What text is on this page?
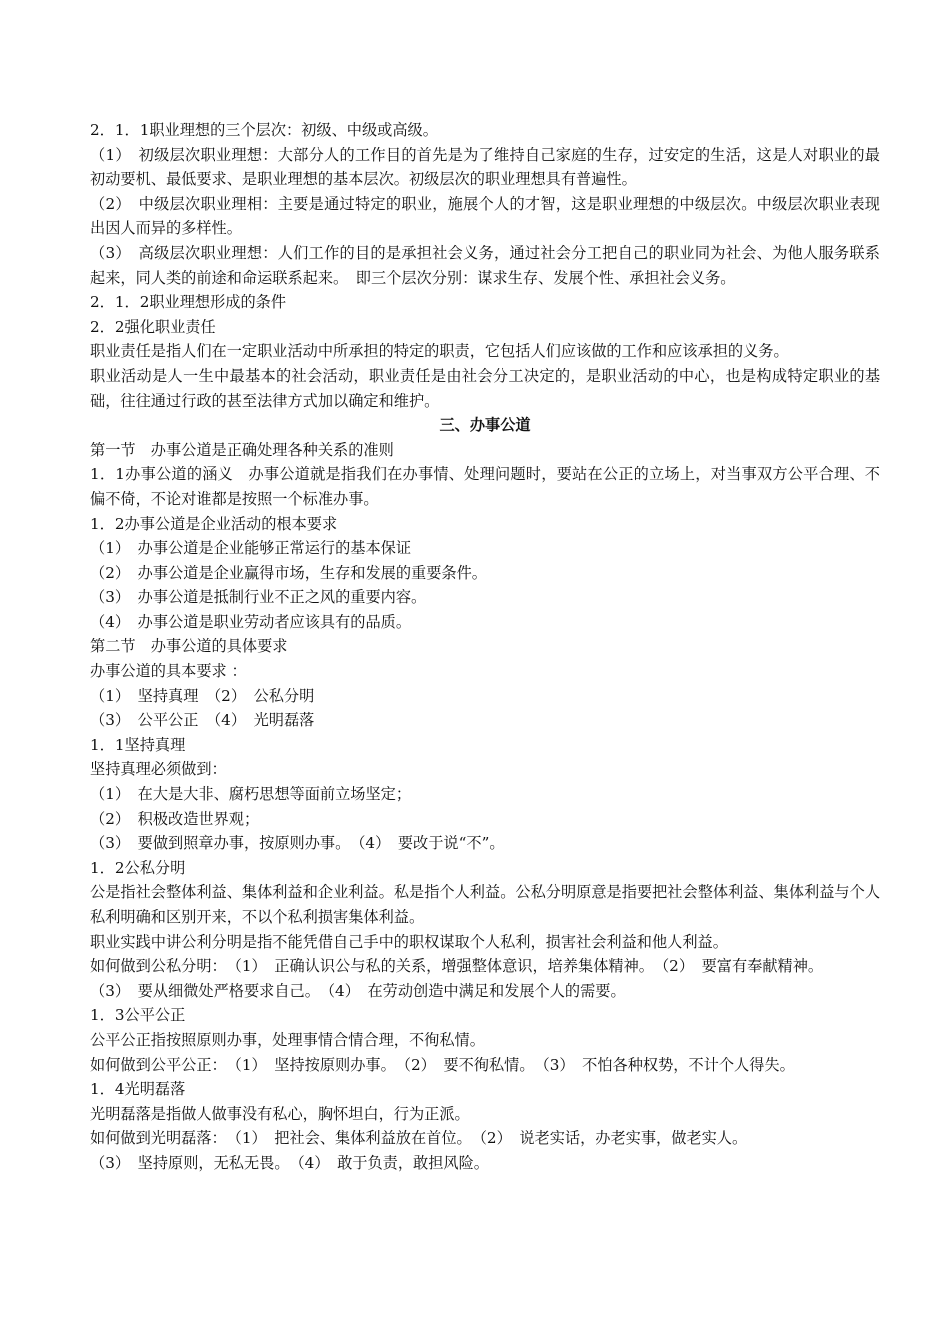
2．1．1职业理想的三个层次：初级、中级或高级。

（1）　初级层次职业理想：大部分人的工作目的首先是为了维持自己家庭的生存，过安定的生活，这是人对职业的最初动要机、最低要求、是职业理想的基本层次。初级层次的职业理想具有普遍性。

（2）　中级层次职业理相：主要是通过特定的职业，施展个人的才智，这是职业理想的中级层次。中级层次职业表现出因人而异的多样性。

（3）　高级层次职业理想：人们工作的目的是承担社会义务，通过社会分工把自己的职业同为社会、为他人服务联系起来，同人类的前途和命运联系起来。　即三个层次分别：谋求生存、发展个性、承担社会义务。

2．1．2职业理想形成的条件

2．2强化职业责任

职业责任是指人们在一定职业活动中所承担的特定的职责，它包括人们应该做的工作和应该承担的义务。

职业活动是人一生中最基本的社会活动，职业责任是由社会分工决定的，是职业活动的中心，也是构成特定职业的基础，往往通过行政的甚至法律方式加以确定和维护。

三、办事公道

第一节　办事公道是正确处理各种关系的准则

1．1办事公道的涵义　办事公道就是指我们在办事情、处理问题时，要站在公正的立场上，对当事双方公平合理、不偏不倚，不论对谁都是按照一个标准办事。

1．2办事公道是企业活动的根本要求

（1）　办事公道是企业能够正常运行的基本保证

（2）　办事公道是企业赢得市场，生存和发展的重要条件。

（3）　办事公道是抵制行业不正之风的重要内容。

（4）　办事公道是职业劳动者应该具有的品质。

第二节　办事公道的具体要求

办事公道的具本要求 ：

（1）　坚持真理　（2）　公私分明

（3）　公平公正　（4）　光明磊落

1．1坚持真理

坚持真理必须做到：

（1）　在大是大非、腐朽思想等面前立场坚定；

（2）　积极改造世界观；

（3）　要做到照章办事，按原则办事。　（4）　要改于说“不”。

1．2公私分明

公是指社会整体利益、集体利益和企业利益。私是指个人利益。公私分明原意是指要把社会整体利益、集体利益与个人私利明确和区别开来，不以个私利损害集体利益。

职业实践中讲公利分明是指不能凭借自己手中的职权谋取个人私利，损害社会利益和他人利益。

如何做到公私分明：　（1）　正确认识公与私的关系，增强整体意识，培养集体精神。　（2）　要富有奉献精神。

（3）　要从细微处严格要求自己。　（4）　在劳动创造中满足和发展个人的需要。

1．3公平公正

公平公正指按照原则办事，处理事情合情合理，不徇私情。

如何做到公平公正：　（1）　坚持按原则办事。　（2）　要不徇私情。　（3）　不怕各种权势，不计个人得失。

1．4光明磊落

光明磊落是指做人做事没有私心，胸怀坦白，行为正派。

如何做到光明磊落：　（1）　把社会、集体利益放在首位。　（2）　说老实话，办老实事，做老实人。

（3）　坚持原则，无私无畏。　（4）　敢于负责，敢担风险。
